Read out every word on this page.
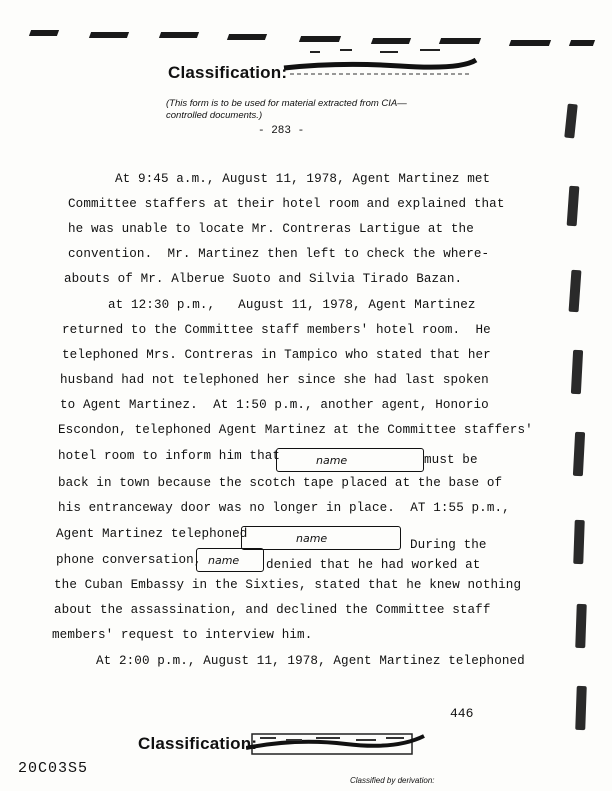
Classification:
(This form is to be used for material extracted from CIA—controlled documents.)
- 283 -
At 9:45 a.m., August 11, 1978, Agent Martinez met
Committee staffers at their hotel room and explained that
he was unable to locate Mr. Contreras Lartigue at the
convention.  Mr. Martinez then left to check the where-
abouts of Mr. Alberue Suoto and Silvia Tirado Bazan.
at 12:30 p.m.,   August 11, 1978, Agent Martinez
returned to the Committee staff members' hotel room.  He
telephoned Mrs. Contreras in Tampico who stated that her
husband had not telephoned her since she had last spoken
to Agent Martinez.  At 1:50 p.m., another agent, Honorio
Escondon, telephoned Agent Martinez at the Committee staffers'
hotel room to inform him that	name	must be
back in town because the scotch tape placed at the base of
his entranceway door was no longer in place.  AT 1:55 p.m.,
Agent Martinez telephoned	name	During the
phone conversation, name denied that he had worked at
the Cuban Embassy in the Sixties, stated that he knew nothing
about the assassination, and declined the Committee staff
members' request to interview him.
At 2:00 p.m., August 11, 1978, Agent Martinez telephoned
446
Classification:
20C03S5
Classified by derivation:
